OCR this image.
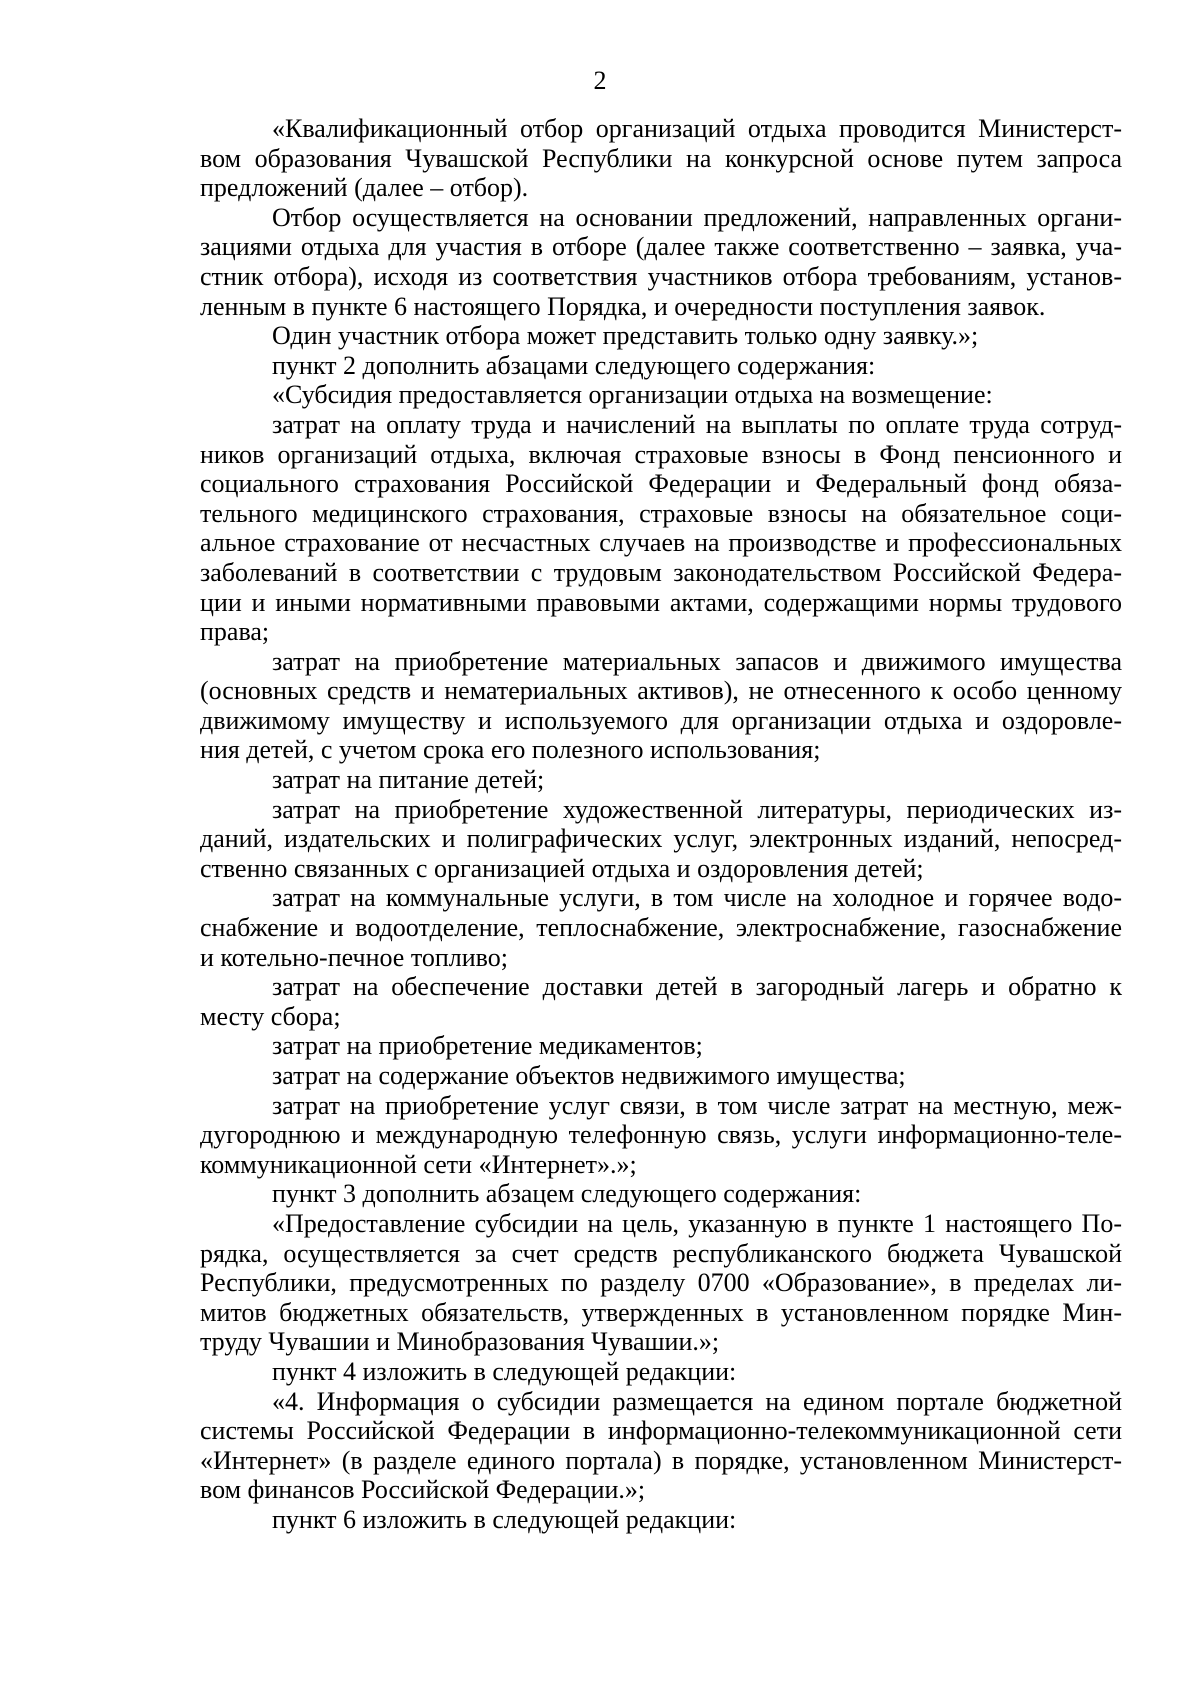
2
«Квалификационный отбор организаций отдыха проводится Министерст-
вом образования Чувашской Республики на конкурсной основе путем запроса
предложений (далее – отбор).
Отбор осуществляется на основании предложений, направленных органи-
зациями отдыха для участия в отборе (далее также соответственно – заявка, уча-
стник отбора), исходя из соответствия участников отбора требованиям, установ-
ленным в пункте 6 настоящего Порядка, и очередности поступления заявок.
Один участник отбора может представить только одну заявку.»;
пункт 2 дополнить абзацами следующего содержания:
«Субсидия предоставляется организации отдыха на возмещение:
затрат на оплату труда и начислений на выплаты по оплате труда сотруд-
ников организаций отдыха, включая страховые взносы в Фонд пенсионного и
социального страхования Российской Федерации и Федеральный фонд обяза-
тельного медицинского страхования, страховые взносы на обязательное соци-
альное страхование от несчастных случаев на производстве и профессиональных
заболеваний в соответствии с трудовым законодательством Российской Федера-
ции и иными нормативными правовыми актами, содержащими нормы трудового
права;
затрат на приобретение материальных запасов и движимого имущества
(основных средств и нематериальных активов), не отнесенного к особо ценному
движимому имуществу и используемого для организации отдыха и оздоровле-
ния детей, с учетом срока его полезного использования;
затрат на питание детей;
затрат на приобретение художественной литературы, периодических из-
даний, издательских и полиграфических услуг, электронных изданий, непосред-
ственно связанных с организацией отдыха и оздоровления детей;
затрат на коммунальные услуги, в том числе на холодное и горячее водо-
снабжение и водоотделение, теплоснабжение, электроснабжение, газоснабжение
и котельно-печное топливо;
затрат на обеспечение доставки детей в загородный лагерь и обратно к
месту сбора;
затрат на приобретение медикаментов;
затрат на содержание объектов недвижимого имущества;
затрат на приобретение услуг связи, в том числе затрат на местную, меж-
дугороднюю и международную телефонную связь, услуги информационно-теле-
коммуникационной сети «Интернет».»;
пункт 3 дополнить абзацем следующего содержания:
«Предоставление субсидии на цель, указанную в пункте 1 настоящего По-
рядка, осуществляется за счет средств республиканского бюджета Чувашской
Республики, предусмотренных по разделу 0700 «Образование», в пределах ли-
митов бюджетных обязательств, утвержденных в установленном порядке Мин-
труду Чувашии и Минобразования Чувашии.»;
пункт 4 изложить в следующей редакции:
«4. Информация о субсидии размещается на едином портале бюджетной
системы Российской Федерации в информационно-телекоммуникационной сети
«Интернет» (в разделе единого портала) в порядке, установленном Министерст-
вом финансов Российской Федерации.»;
пункт 6 изложить в следующей редакции:
